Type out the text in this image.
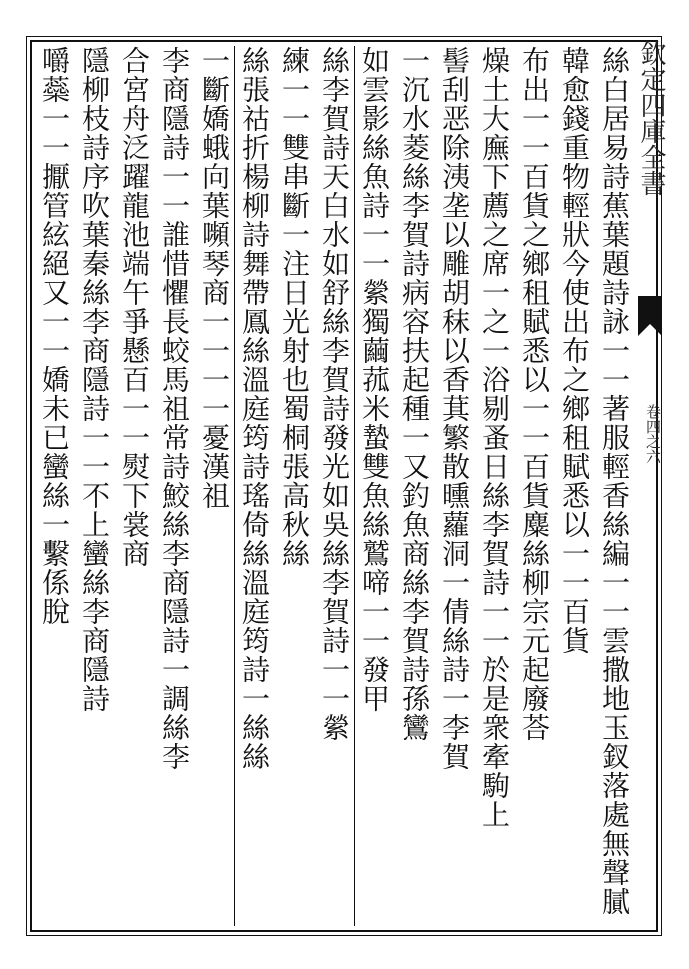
欽定四庫全書
卷四之六
絲白居易詩蕉葉題詩詠一一著服輕香絲編一一雲撒地玉釵落處無聲膩
韓愈錢重物輕狀今使出布之鄉租賦悉以一一百貨
布出一一百貨之鄉租賦悉以一一百貨麋絲柳宗元起廢荅
燥土大廡下薦之席一之一浴剔蚤日絲李賀詩一一於是衆牽駒上
髻刮恶除洟垄以雕胡秣以香萁繁散曛蘿洞一倩絲詩一李賀
一沉水菱絲李賀詩病容扶起種一又釣魚商絲李賀詩孫鸞
如雲影絲魚詩一一縈獨繭菰米蟄雙魚絲鷲啼一一發甲
絲李賀詩天白水如舒絲李賀詩發光如吳絲李賀詩一一縈
練一一雙串斷一注日光射也蜀桐張高秋絲
絲張祜折楊柳詩舞帶鳳絲溫庭筠詩瑤倚絲溫庭筠詩一絲絲
一斷嬌蛾向葉嚬琴商一一一一憂漢祖
李商隱詩一一誰惜懼長蛟馬祖常詩鮫絲李商隱詩一調絲李
合宮舟泛躍龍池端午爭懸百一一熨下裳商
隱柳枝詩序吹葉秦絲李商隱詩一一不上蠻絲李商隱詩
嚼蘂一一擫管絃絕又一一嬌未已蠻絲一繫係脫
